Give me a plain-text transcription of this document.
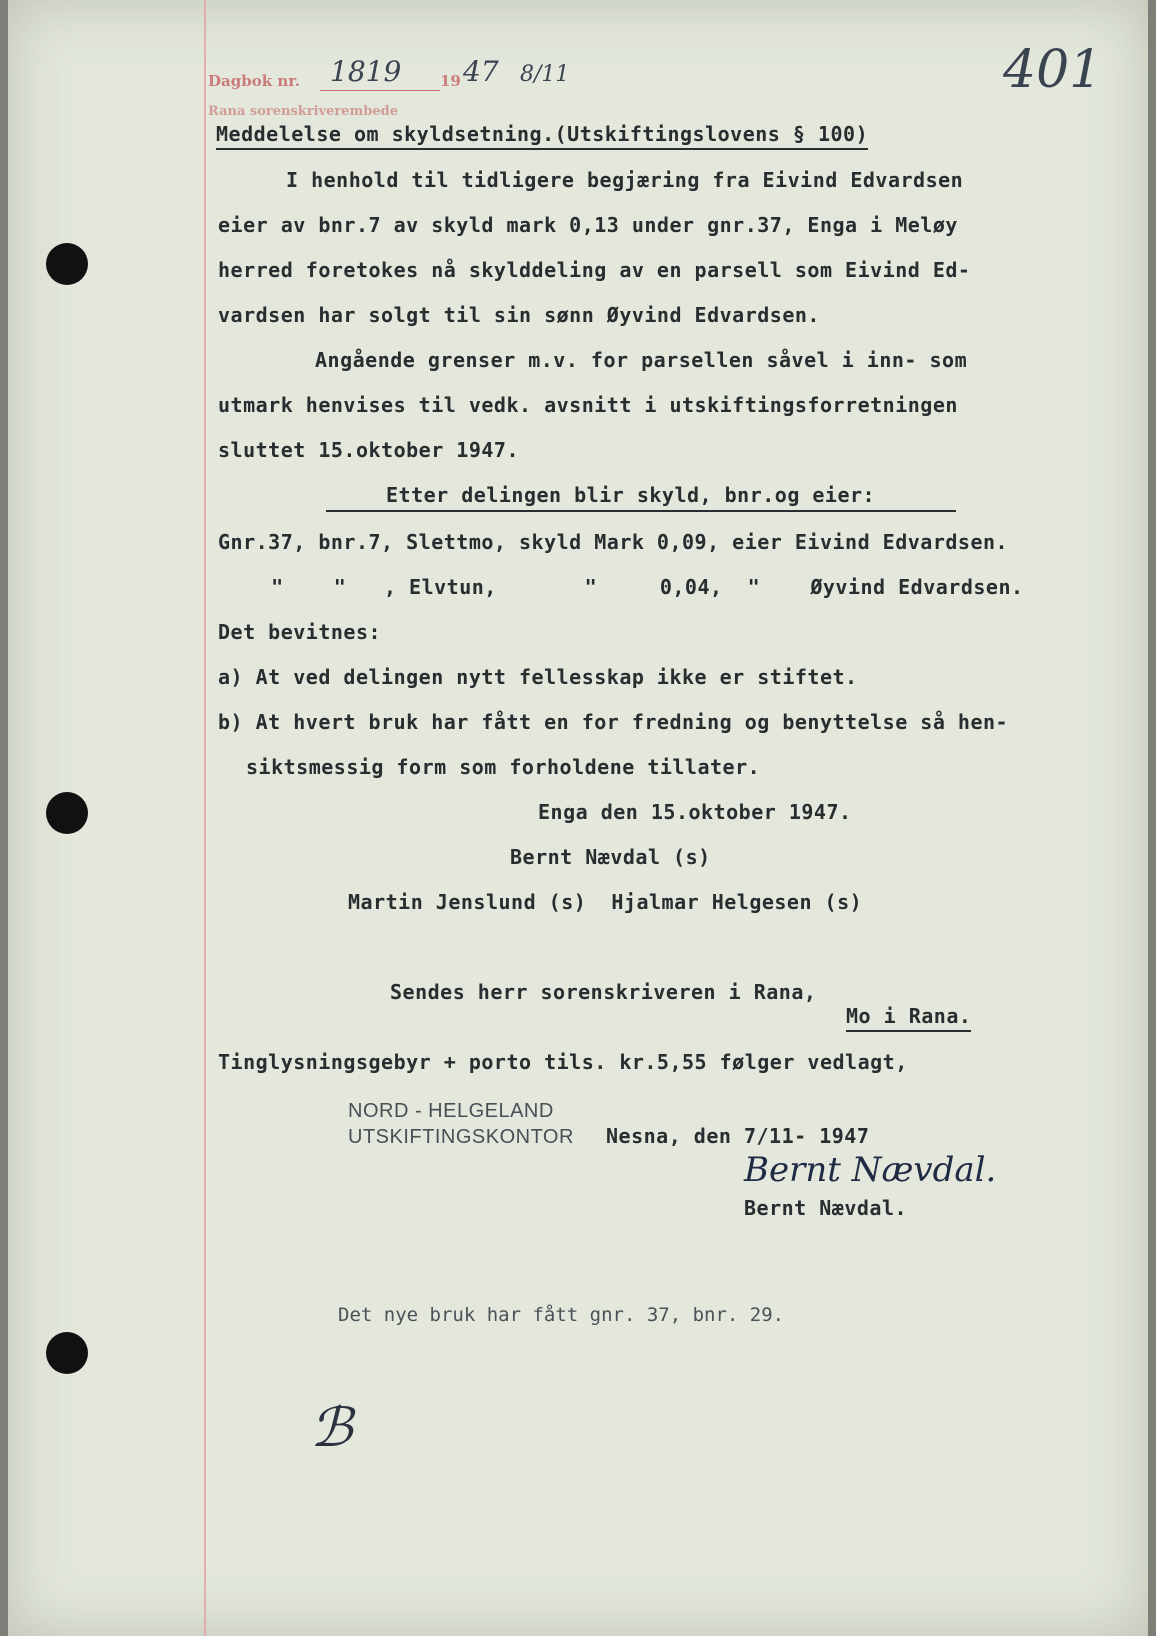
Dagbok nr. 1819	19 47 8/11
Rana sorenskriverembede
401
Meddelelse om skyldsetning.(Utskiftingslovens § 100)
I henhold til tidligere begjæring fra Eivind Edvardsen
eier av bnr.7 av skyld mark 0,13 under gnr.37, Enga i Meløy
herred foretokes nå skylddeling av en parsell som Eivind Ed-
vardsen har solgt til sin sønn Øyvind Edvardsen.
Angående grenser m.v. for parsellen såvel i inn- som
utmark henvises til vedk. avsnitt i utskiftingsforretningen
sluttet 15.oktober 1947.
Etter delingen blir skyld, bnr.og eier:
Gnr.37, bnr.7, Slettmo, skyld Mark 0,09, eier Eivind Edvardsen.
"    "   , Elvtun,       "     0,04,  "    Øyvind Edvardsen.
Det bevitnes:
a) At ved delingen nytt fellesskap ikke er stiftet.
b) At hvert bruk har fått en for fredning og benyttelse så hen-
siktsmessig form som forholdene tillater.
Enga den 15.oktober 1947.
Bernt Nævdal (s)
Martin Jenslund (s)  Hjalmar Helgesen (s)
Sendes herr sorenskriveren i Rana,
Mo i Rana.
Tinglysningsgebyr + porto tils. kr.5,55 følger vedlagt,
NORD - HELGELAND
UTSKIFTINGSKONTOR Nesna, den 7/11- 1947
Bernt Nævdal.
Bernt Nævdal.
Det nye bruk har fått gnr. 37, bnr. 29.
ℬ
